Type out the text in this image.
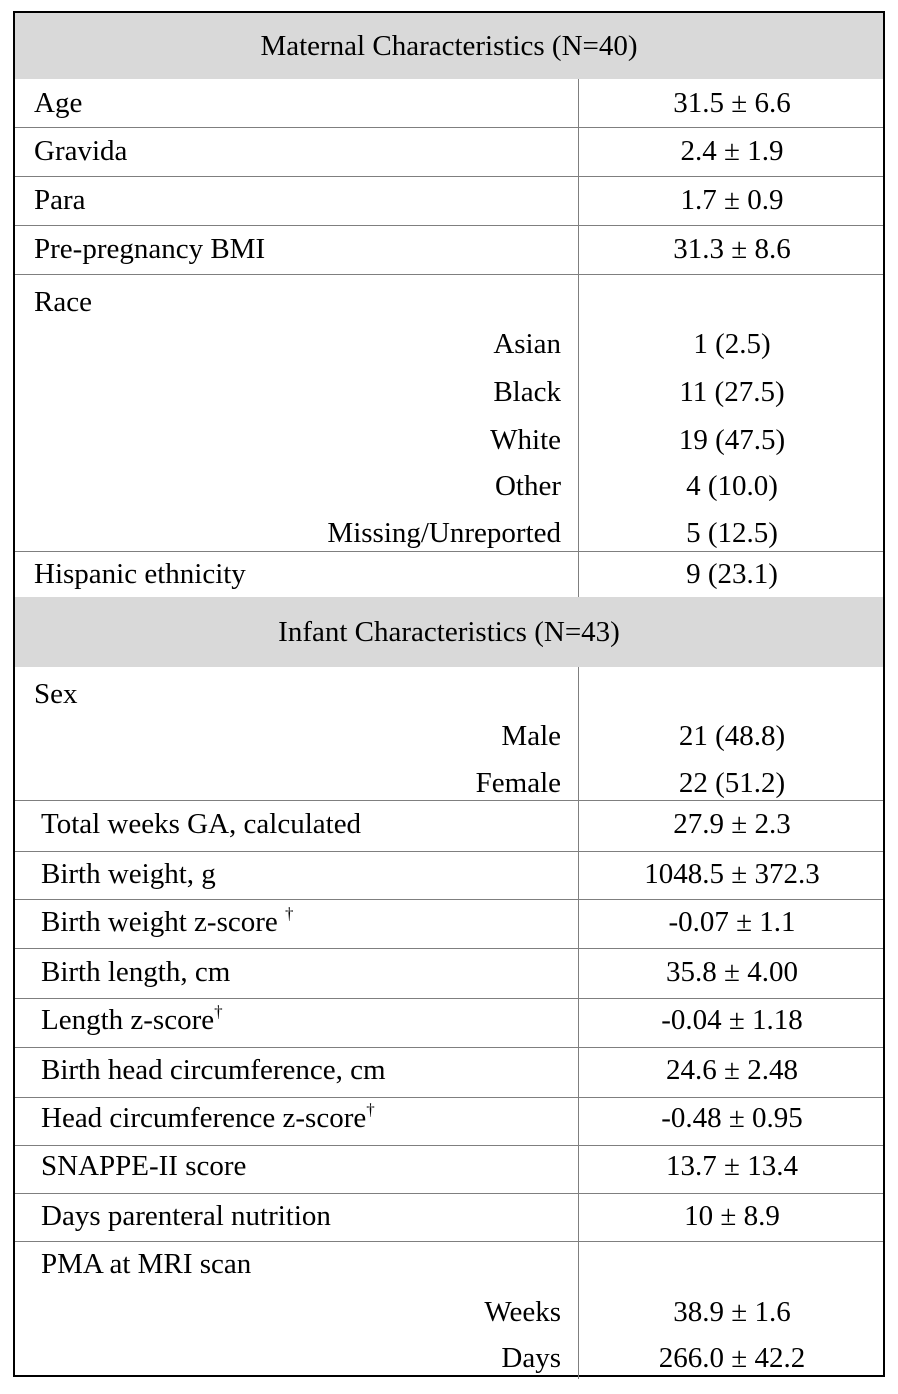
Maternal Characteristics (N=40)
Age	31.5 ± 6.6
Gravida	2.4 ± 1.9
Para	1.7 ± 0.9
Pre-pregnancy BMI	31.3 ± 8.6
Race
Asian	1 (2.5)
Black	11 (27.5)
White	19 (47.5)
Other	4 (10.0)
Missing/Unreported	5 (12.5)
Hispanic ethnicity	9 (23.1)
Infant Characteristics (N=43)
Sex
Male	21 (48.8)
Female	22 (51.2)
Total weeks GA, calculated	27.9 ± 2.3
Birth weight, g	1048.5 ± 372.3
Birth weight z-score †	-0.07 ± 1.1
Birth length, cm	35.8 ± 4.00
Length z-score†	-0.04 ± 1.18
Birth head circumference, cm	24.6 ± 2.48
Head circumference z-score†	-0.48 ± 0.95
SNAPPE-II score	13.7 ± 13.4
Days parenteral nutrition	10 ± 8.9
PMA at MRI scan
Weeks	38.9 ± 1.6
Days	266.0 ± 42.2
